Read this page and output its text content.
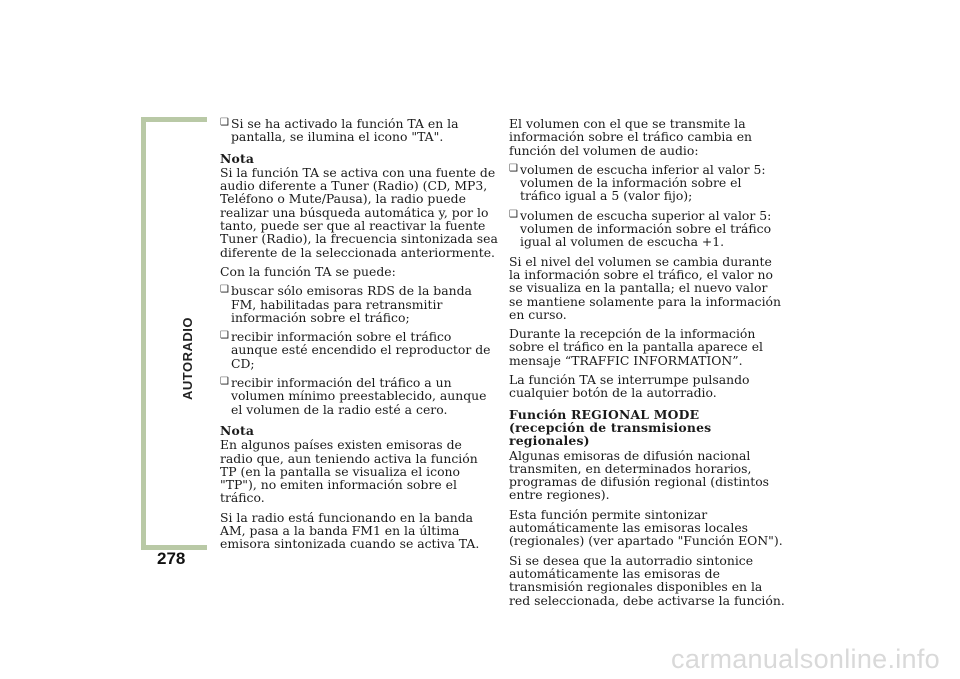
AUTORADIO
278
❑
Si se ha activado la función TA en la pantalla, se ilumina el icono "TA".

Nota

Si la función TA se activa con una fuente de audio diferente a Tuner (Radio) (CD, MP3, Teléfono o Mute/Pausa), la radio puede realizar una búsqueda automática y, por lo tanto, puede ser que al reactivar la fuente Tuner (Radio), la frecuencia sintonizada sea diferente de la seleccionada anteriormente.

Con la función TA se puede:

❑
buscar sólo emisoras RDS de la banda FM, habilitadas para retransmitir información sobre el tráfico;
❑
recibir información sobre el tráfico aunque esté encendido el reproductor de CD;
❑
recibir información del tráfico a un volumen mínimo preestablecido, aunque el volumen de la radio esté a cero.

Nota

En algunos países existen emisoras de radio que, aun teniendo activa la función TP (en la pantalla se visualiza el icono "TP"), no emiten información sobre el tráfico.

Si la radio está funcionando en la banda AM, pasa a la banda FM1 en la última emisora sintonizada cuando se activa TA.

El volumen con el que se transmite la información sobre el tráfico cambia en función del volumen de audio:

❑
volumen de escucha inferior al valor 5: volumen de la información sobre el tráfico igual a 5 (valor fijo);
❑
volumen de escucha superior al valor 5: volumen de información sobre el tráfico igual al volumen de escucha +1.

Si el nivel del volumen se cambia durante la información sobre el tráfico, el valor no se visualiza en la pantalla; el nuevo valor se mantiene solamente para la información en curso.

Durante la recepción de la información sobre el tráfico en la pantalla aparece el mensaje “TRAFFIC INFORMATION”.

La función TA se interrumpe pulsando cualquier botón de la autorradio.

Función REGIONAL MODE

(recepción de transmisiones regionales)

Algunas emisoras de difusión nacional transmiten, en determinados horarios, programas de difusión regional (distintos entre regiones).

Esta función permite sintonizar automáticamente las emisoras locales (regionales) (ver apartado "Función EON").

Si se desea que la autorradio sintonice automáticamente las emisoras de transmisión regionales disponibles en la red seleccionada, debe activarse la función.

carmanualsonline.info
